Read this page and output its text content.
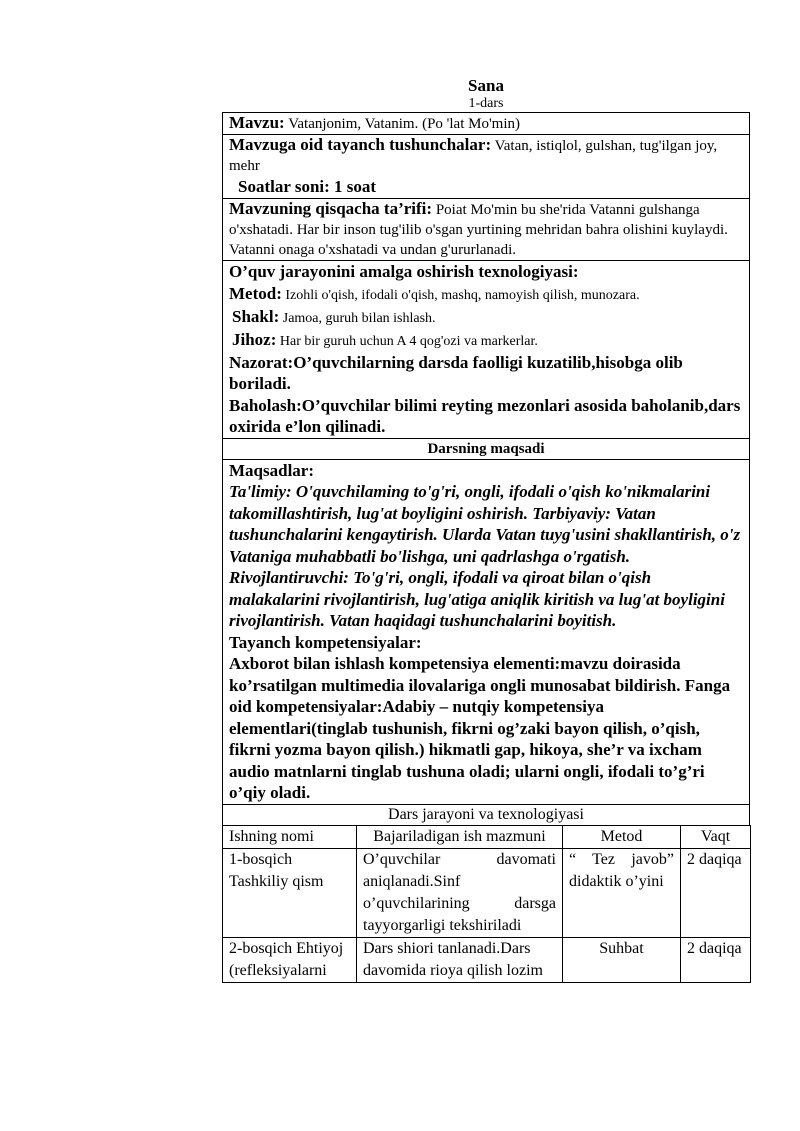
Sana
1-dars
Mavzu: Vatanjonim, Vatanim. (Po 'lat Mo'min)

Mavzuga oid tayanch tushunchalar: Vatan, istiqlol, gulshan, tug'ilgan joy, mehr
Soatlar soni: 1 soat

Mavzuning qisqacha ta’rifi: Poiat Mo'min bu she'rida Vatanni gulshanga o'xshatadi. Har bir inson tug'ilib o'sgan yurtining mehridan bahra olishini kuylaydi. Vatanni onaga o'xshatadi va undan g'ururlanadi.

O’quv jarayonini amalga oshirish texnologiyasi:
Metod: Izohli o'qish, ifodali o'qish, mashq, namoyish qilish, munozara.
Shakl: Jamoa, guruh bilan ishlash.
Jihoz: Har bir guruh uchun A 4 qog'ozi va markerlar.
Nazorat:O’quvchilarning darsda faolligi kuzatilib,hisobga olib boriladi.
Baholash:O’quvchilar bilimi reyting mezonlari asosida baholanib,dars oxirida e’lon qilinadi.

Darsning maqsadi

Maqsadlar:
Ta'limiy: O'quvchilaming to'g'ri, ongli, ifodali o'qish ko'nikmalarini takomillashtirish, lug'at boyligini oshirish. Tarbiyaviy: Vatan tushunchalarini kengaytirish. Ularda Vatan tuyg'usini shakllantirish, o'z Vataniga muhabbatli bo'lishga, uni qadrlashga o'rgatish. Rivojlantiruvchi: To'g'ri, ongli, ifodali va qiroat bilan o'qish malakalarini rivojlantirish, lug'atiga aniqlik kiritish va lug'at boyligini rivojlantirish. Vatan haqidagi tushunchalarini boyitish.
Tayanch kompetensiyalar:
Axborot bilan ishlash kompetensiya elementi:mavzu doirasida ko’rsatilgan multimedia ilovalariga ongli munosabat bildirish. Fanga oid kompetensiyalar:Adabiy – nutqiy kompetensiya elementlari(tinglab tushunish, fikrni og’zaki bayon qilish, o’qish, fikrni yozma bayon qilish.) hikmatli gap, hikoya, she’r va ixcham audio matnlarni tinglab tushuna oladi; ularni ongli, ifodali to’g’ri o’qiy oladi.

Dars jarayoni va texnologiyasi
Ishning nomi	Bajariladigan ish mazmuni	Metod	Vaqt
1-bosqich Tashkiliy qism	O’quvchilar davomati aniqlanadi.Sinf o’quvchilarining darsga tayyorgarligi tekshiriladi	“ Tez javob” didaktik o’yini	2 daqiqa
2-bosqich Ehtiyoj (refleksiyalarni	Dars shiori tanlanadi.Dars davomida rioya qilish lozim	Suhbat	2 daqiqa
